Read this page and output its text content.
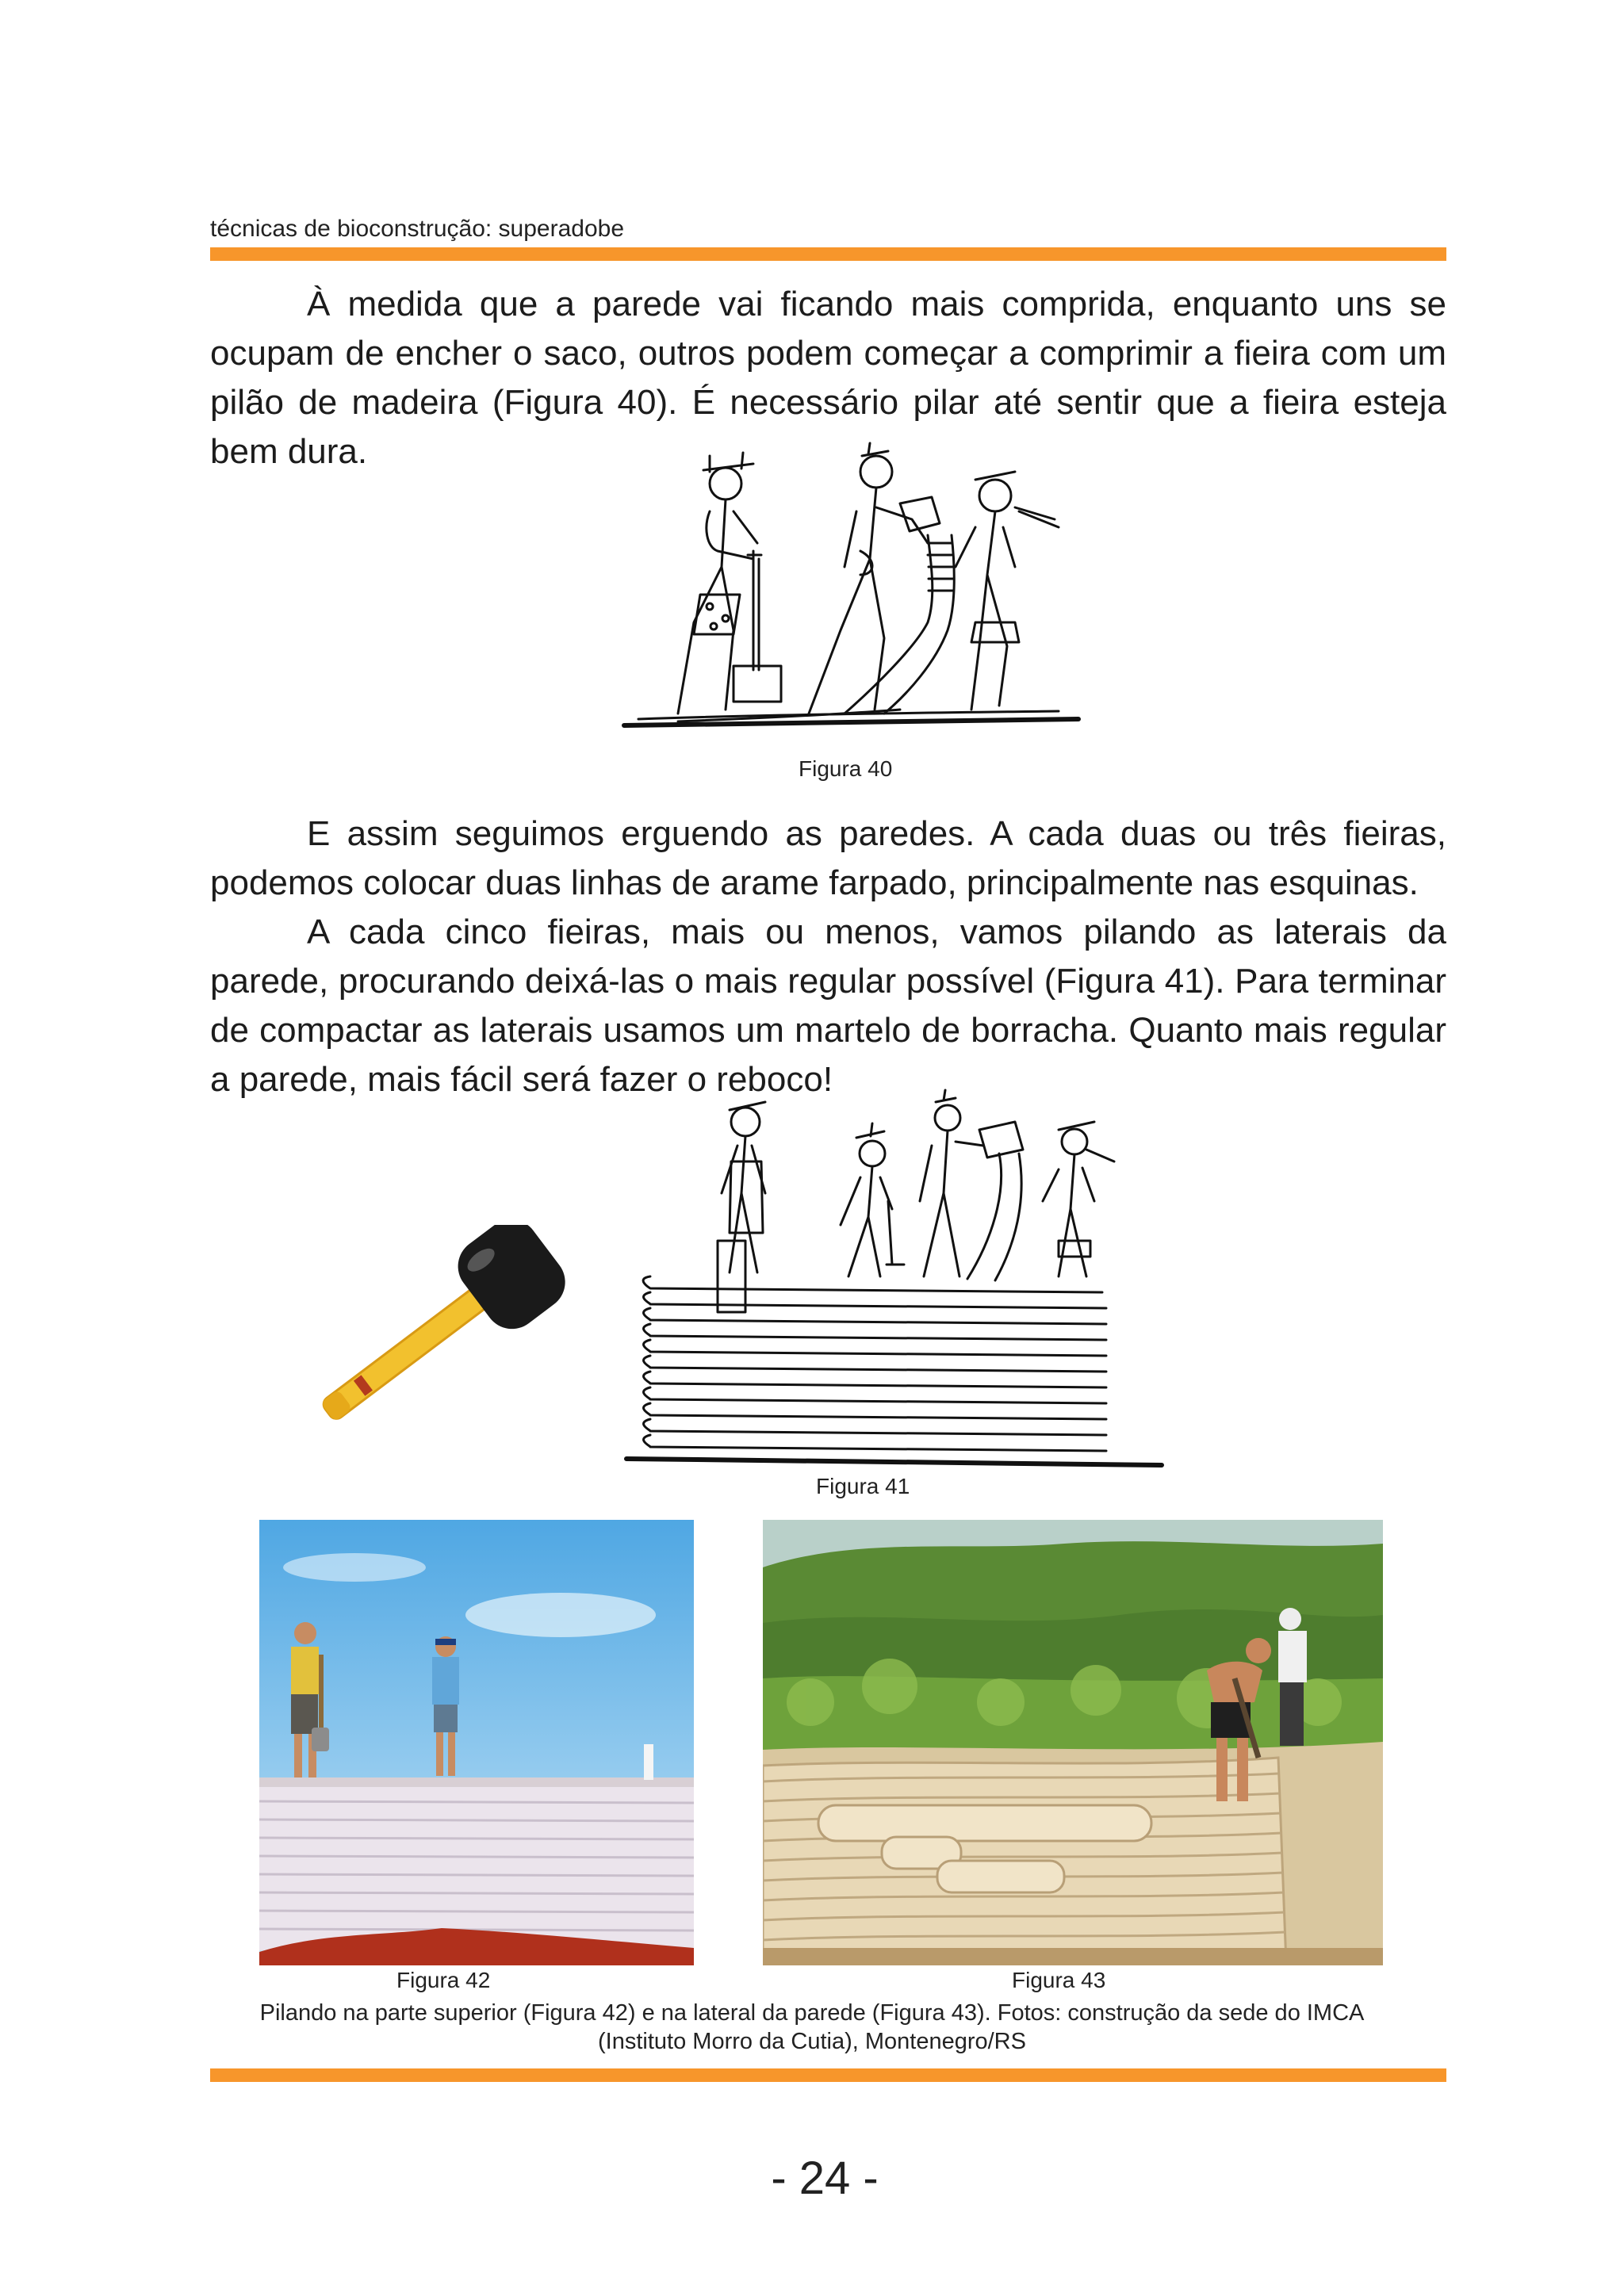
técnicas de bioconstrução: superadobe
À medida que a parede vai ficando mais comprida, enquanto uns se ocupam de encher o saco, outros podem começar a comprimir a fieira com um pilão de madeira (Figura 40). É necessário pilar até sentir que a fieira esteja bem dura.
Figura 40
E assim seguimos erguendo as paredes. A cada duas ou três fieiras, podemos colocar duas linhas de arame farpado, principalmente nas esquinas.
A cada cinco fieiras, mais ou menos, vamos pilando as laterais da parede, procurando deixá-las o mais regular possível (Figura 41). Para terminar de compactar as laterais usamos um martelo de borracha. Quanto mais regular a parede, mais fácil será fazer o reboco!
Figura 41
Figura 42	Figura 43
Pilando na parte superior (Figura 42) e na lateral da parede (Figura 43). Fotos: construção da sede do IMCA
(Instituto Morro da Cutia), Montenegro/RS
- 24 -
